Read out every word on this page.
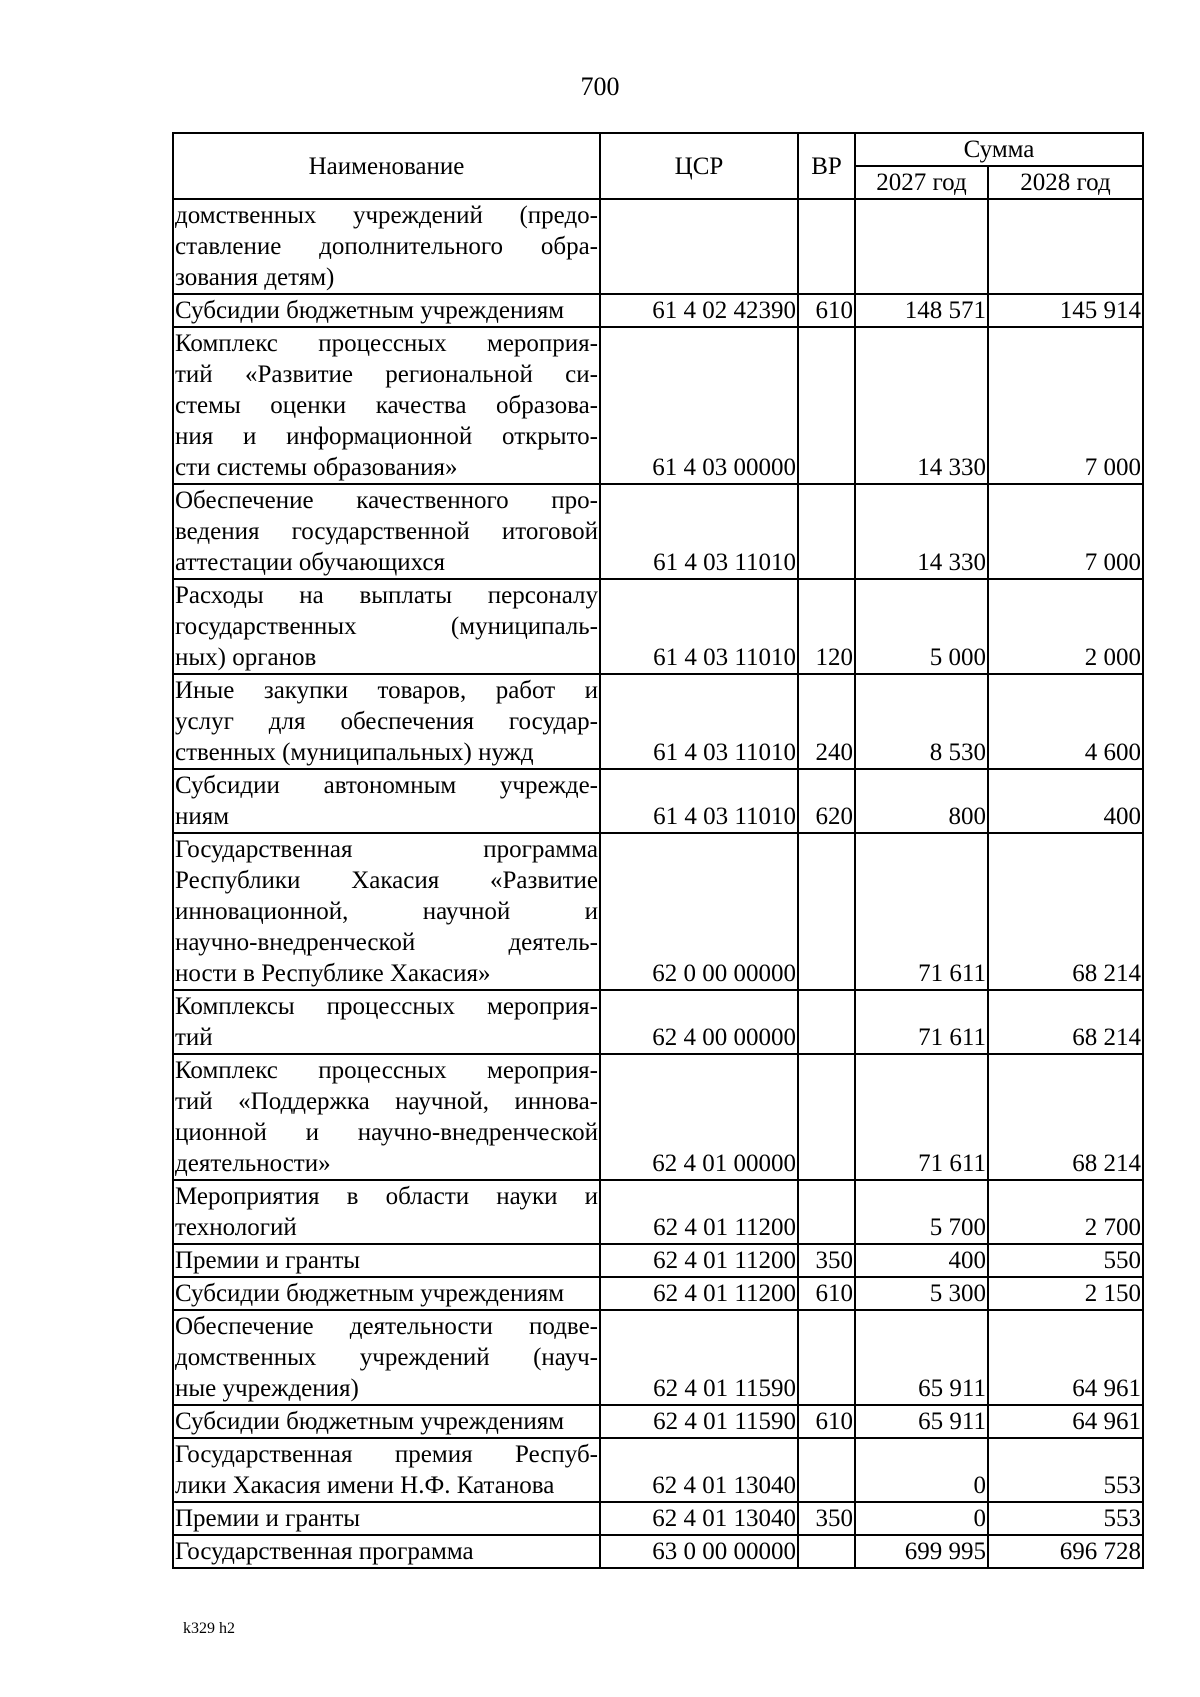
700
Наименование	ЦСР	ВР	Сумма	
			2027 год	2028 год

домственных учреждений (предо-
ставление дополнительного обра-
зования детям)				

Субсидии бюджетным учреждениям	61 4 02 42390	610	148 571	145 914

Комплекс процессных мероприя-
тий «Развитие региональной си-
стемы оценки качества образова-
ния и информационной открыто-
сти системы образования»	61 4 03 00000		14 330	7 000

Обеспечение качественного про-
ведения государственной итоговой
аттестации обучающихся	61 4 03 11010		14 330	7 000

Расходы на выплаты персоналу
государственных (муниципаль-
ных) органов	61 4 03 11010	120	5 000	2 000

Иные закупки товаров, работ и
услуг для обеспечения государ-
ственных (муниципальных) нужд	61 4 03 11010	240	8 530	4 600

Субсидии автономным учрежде-
ниям	61 4 03 11010	620	800	400

Государственная программа
Республики Хакасия «Развитие
инновационной, научной и
научно-внедренческой деятель-
ности в Республике Хакасия»	62 0 00 00000		71 611	68 214

Комплексы процессных мероприя-
тий	62 4 00 00000		71 611	68 214

Комплекс процессных мероприя-
тий «Поддержка научной, иннова-
ционной и научно-внедренческой
деятельности»	62 4 01 00000		71 611	68 214

Мероприятия в области науки и
технологий	62 4 01 11200		5 700	2 700

Премии и гранты	62 4 01 11200	350	400	550

Субсидии бюджетным учреждениям	62 4 01 11200	610	5 300	2 150

Обеспечение деятельности подве-
домственных учреждений (науч-
ные учреждения)	62 4 01 11590		65 911	64 961

Субсидии бюджетным учреждениям	62 4 01 11590	610	65 911	64 961

Государственная премия Респуб-
лики Хакасия имени Н.Ф. Катанова	62 4 01 13040		0	553

Премии и гранты	62 4 01 13040	350	0	553

Государственная программа	63 0 00 00000		699 995	696 728
k329 h2
